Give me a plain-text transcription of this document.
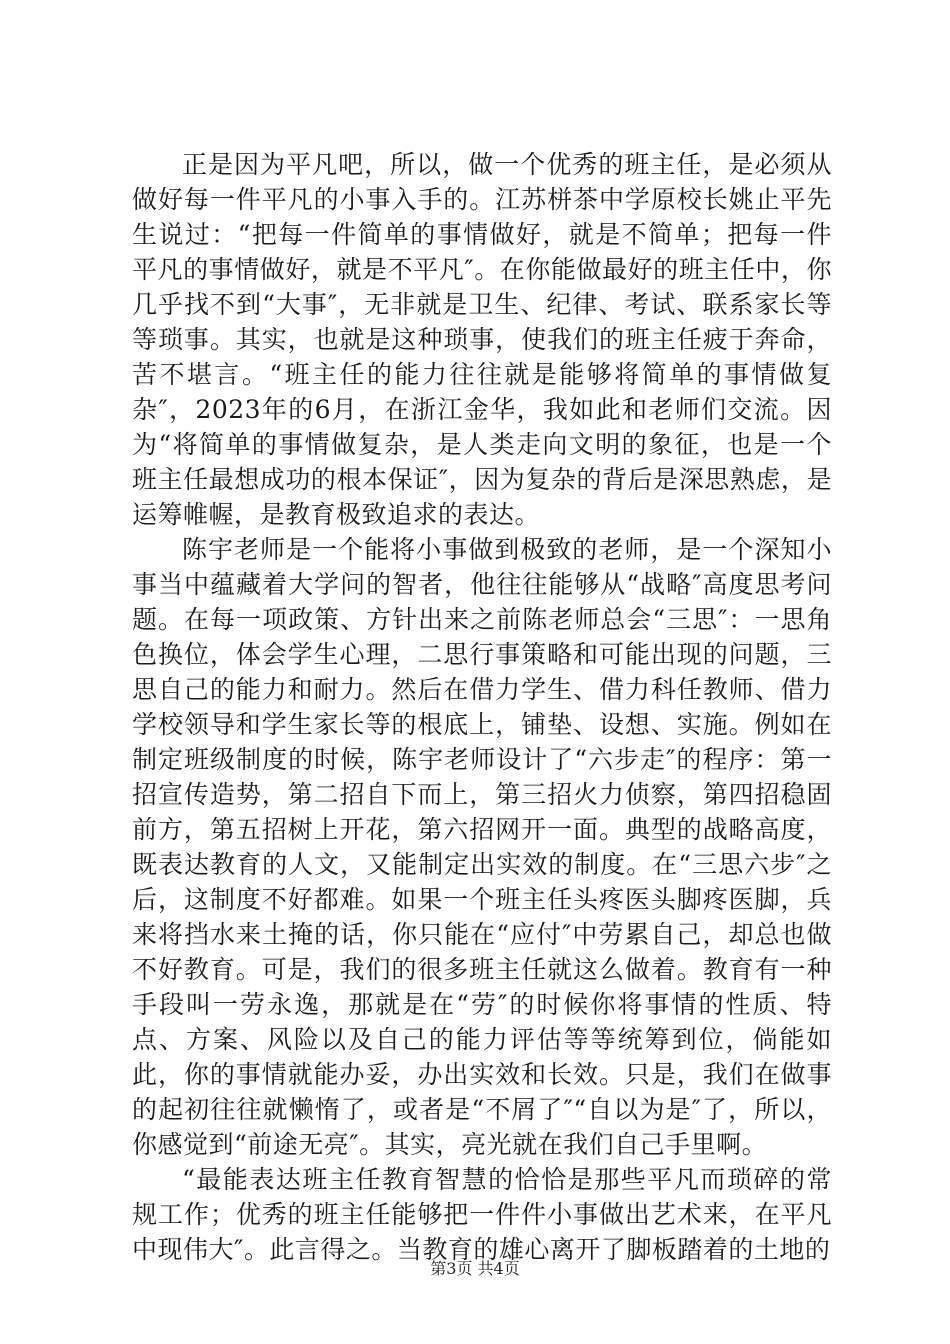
正是因为平凡吧，所以，做一个优秀的班主任，是必须从做好每一件平凡的小事入手的。江苏栟茶中学原校长姚止平先生说过：“把每一件简单的事情做好，就是不简单；把每一件平凡的事情做好，就是不平凡″。在你能做最好的班主任中，你几乎找不到“大事″，无非就是卫生、纪律、考试、联系家长等等琐事。其实，也就是这种琐事，使我们的班主任疲于奔命，苦不堪言。“班主任的能力往往就是能够将简单的事情做复杂″，2023年的6月，在浙江金华，我如此和老师们交流。因为“将简单的事情做复杂，是人类走向文明的象征，也是一个班主任最想成功的根本保证″，因为复杂的背后是深思熟虑，是运筹帷幄，是教育极致追求的表达。

陈宇老师是一个能将小事做到极致的老师，是一个深知小事当中蕴藏着大学问的智者，他往往能够从“战略″高度思考问题。在每一项政策、方针出来之前陈老师总会“三思″：一思角色换位，体会学生心理，二思行事策略和可能出现的问题，三思自己的能力和耐力。然后在借力学生、借力科任教师、借力学校领导和学生家长等的根底上，铺垫、设想、实施。例如在制定班级制度的时候，陈宇老师设计了“六步走″的程序：第一招宣传造势，第二招自下而上，第三招火力侦察，第四招稳固前方，第五招树上开花，第六招网开一面。典型的战略高度，既表达教育的人文，又能制定出实效的制度。在“三思六步″之后，这制度不好都难。如果一个班主任头疼医头脚疼医脚，兵来将挡水来土掩的话，你只能在“应付″中劳累自己，却总也做不好教育。可是，我们的很多班主任就这么做着。教育有一种手段叫一劳永逸，那就是在“劳″的时候你将事情的性质、特点、方案、风险以及自己的能力评估等等统筹到位，倘能如此，你的事情就能办妥，办出实效和长效。只是，我们在做事的起初往往就懒惰了，或者是“不屑了″“自以为是″了，所以，你感觉到“前途无亮″。其实，亮光就在我们自己手里啊。

“最能表达班主任教育智慧的恰恰是那些平凡而琐碎的常规工作；优秀的班主任能够把一件件小事做出艺术来，在平凡中现伟大″。此言得之。当教育的雄心离开了脚板踏着的土地的

第3页 共4页
